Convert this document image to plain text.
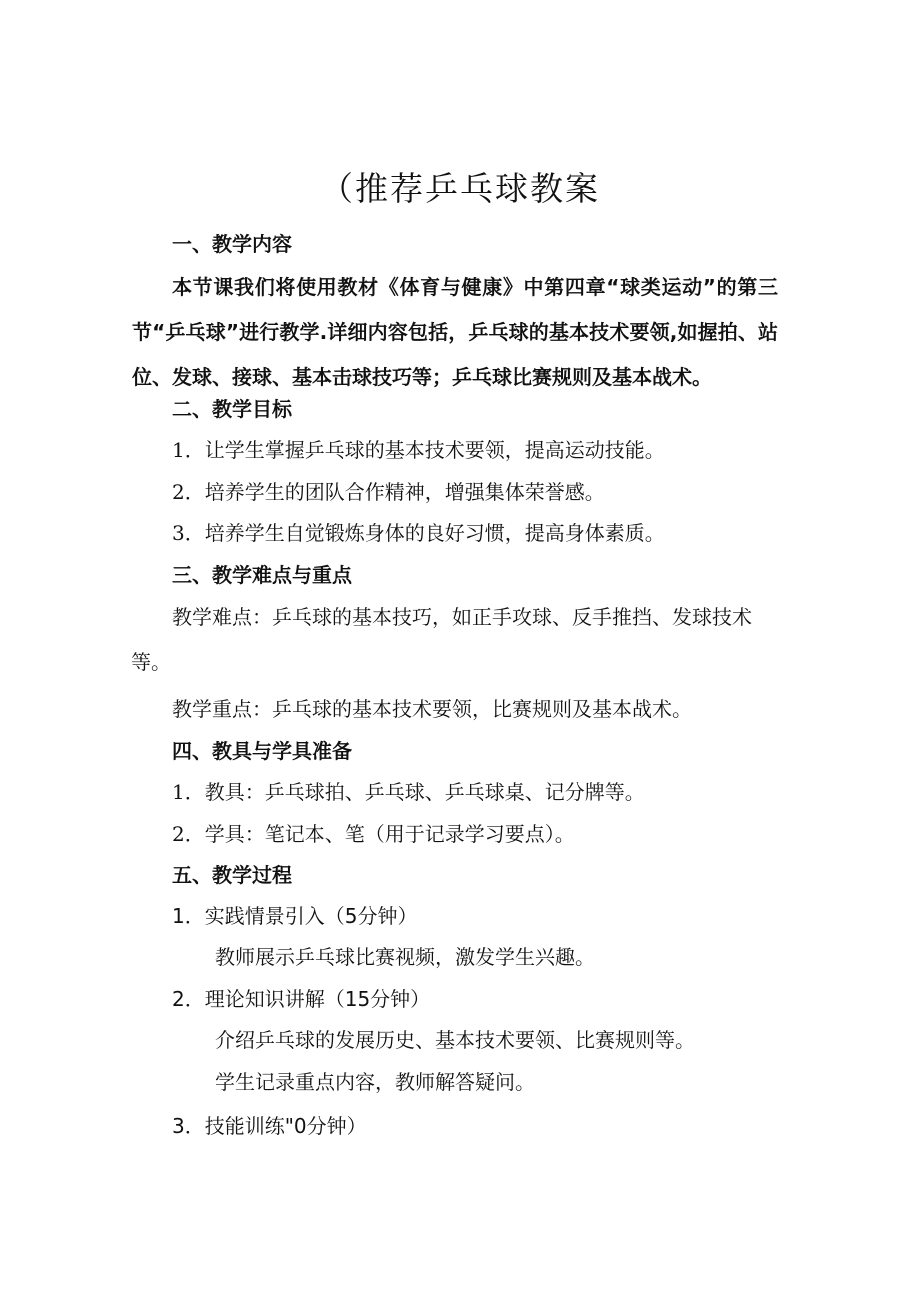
（推荐乒乓球教案
一、教学内容
本节课我们将使用教材《体育与健康》中第四章“球类运动”的第三节“乒乓球”进行教学.详细内容包括，乒乓球的基本技术要领,如握拍、站位、发球、接球、基本击球技巧等；乒乓球比赛规则及基本战术。
二、教学目标
1．让学生掌握乒乓球的基本技术要领，提高运动技能。
2．培养学生的团队合作精神，增强集体荣誉感。
3．培养学生自觉锻炼身体的良好习惯，提高身体素质。
三、教学难点与重点
教学难点：乒乓球的基本技巧，如正手攻球、反手推挡、发球技术
等。
教学重点：乒乓球的基本技术要领，比赛规则及基本战术。
四、教具与学具准备
1．教具：乒乓球拍、乒乓球、乒乓球桌、记分牌等。
2．学具：笔记本、笔（用于记录学习要点）。
五、教学过程
1．实践情景引入（5分钟）
教师展示乒乓球比赛视频，激发学生兴趣。
2．理论知识讲解（15分钟）
介绍乒乓球的发展历史、基本技术要领、比赛规则等。
学生记录重点内容，教师解答疑问。
3．技能训练"0分钟）
